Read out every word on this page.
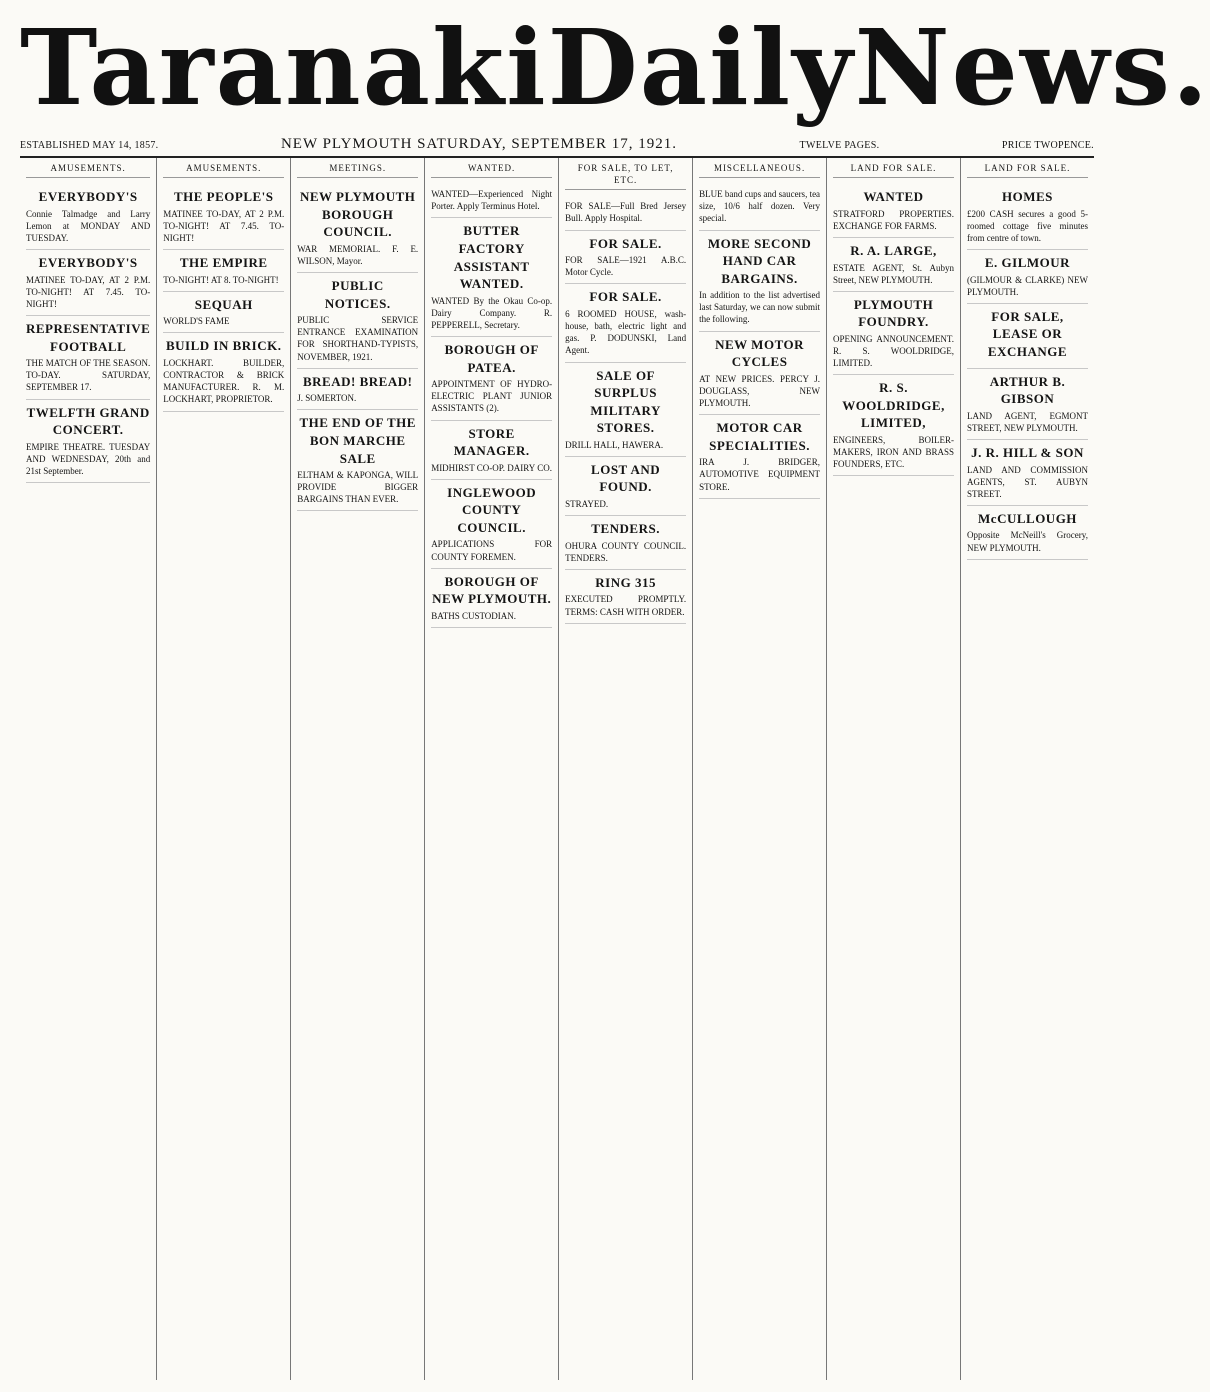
Taranaki Daily News.
ESTABLISHED MAY 14, 1857.	NEW PLYMOUTH SATURDAY, SEPTEMBER 17, 1921.	TWELVE PAGES.	PRICE TWOPENCE.
AMUSEMENTS.
EVERYBODY'S

Connie Talmadge and Larry Lemon at MONDAY AND TUESDAY.

EVERYBODY'S

MATINEE TO-DAY, AT 2 P.M. TO-NIGHT! AT 7.45. TO-NIGHT!

REPRESENTATIVE FOOTBALL

THE MATCH OF THE SEASON. TO-DAY. SATURDAY, SEPTEMBER 17.

TWELFTH GRAND CONCERT.

EMPIRE THEATRE. TUESDAY AND WEDNESDAY, 20th and 21st September.

AMUSEMENTS.
THE PEOPLE'S

MATINEE TO-DAY, AT 2 P.M. TO-NIGHT! AT 7.45. TO-NIGHT!

THE EMPIRE

TO-NIGHT! AT 8. TO-NIGHT!

SEQUAH

WORLD'S FAME

BUILD IN BRICK.

LOCKHART. BUILDER, CONTRACTOR & BRICK MANUFACTURER. R. M. LOCKHART, PROPRIETOR.

MEETINGS.
NEW PLYMOUTH BOROUGH COUNCIL.

WAR MEMORIAL. F. E. WILSON, Mayor.

PUBLIC NOTICES.

PUBLIC SERVICE ENTRANCE EXAMINATION FOR SHORTHAND-TYPISTS, NOVEMBER, 1921.

BREAD! BREAD!

J. SOMERTON.

THE END OF THE BON MARCHE SALE

ELTHAM & KAPONGA, WILL PROVIDE BIGGER BARGAINS THAN EVER.

WANTED.

WANTED—Experienced Night Porter. Apply Terminus Hotel.

BUTTER FACTORY ASSISTANT WANTED.

WANTED By the Okau Co-op. Dairy Company. R. PEPPERELL, Secretary.

BOROUGH OF PATEA.

APPOINTMENT OF HYDRO-ELECTRIC PLANT JUNIOR ASSISTANTS (2).

STORE MANAGER.

MIDHIRST CO-OP. DAIRY CO.

INGLEWOOD COUNTY COUNCIL.

APPLICATIONS FOR COUNTY FOREMEN.

BOROUGH OF NEW PLYMOUTH.

BATHS CUSTODIAN.

FOR SALE, TO LET, ETC.

FOR SALE—Full Bred Jersey Bull. Apply Hospital.

FOR SALE.

FOR SALE—1921 A.B.C. Motor Cycle.

FOR SALE.

6 ROOMED HOUSE, wash-house, bath, electric light and gas. P. DODUNSKI, Land Agent.

SALE OF SURPLUS MILITARY STORES.

DRILL HALL, HAWERA.

LOST AND FOUND.

STRAYED.

TENDERS.

OHURA COUNTY COUNCIL. TENDERS.

RING 315

EXECUTED PROMPTLY. TERMS: CASH WITH ORDER.

MISCELLANEOUS.

BLUE band cups and saucers, tea size, 10/6 half dozen. Very special.

MORE SECOND HAND CAR BARGAINS.

In addition to the list advertised last Saturday, we can now submit the following.

NEW MOTOR CYCLES

AT NEW PRICES. PERCY J. DOUGLASS, NEW PLYMOUTH.

MOTOR CAR SPECIALITIES.

IRA J. BRIDGER, AUTOMOTIVE EQUIPMENT STORE.

LAND FOR SALE.
WANTED

STRATFORD PROPERTIES. EXCHANGE FOR FARMS.

R. A. LARGE,

ESTATE AGENT, St. Aubyn Street, NEW PLYMOUTH.

PLYMOUTH FOUNDRY.

OPENING ANNOUNCEMENT. R. S. WOOLDRIDGE, LIMITED.

R. S. WOOLDRIDGE, LIMITED,

ENGINEERS, BOILER-MAKERS, IRON AND BRASS FOUNDERS, ETC.

LAND FOR SALE.
HOMES

£200 CASH secures a good 5-roomed cottage five minutes from centre of town.

E. GILMOUR

(GILMOUR & CLARKE) NEW PLYMOUTH.

FOR SALE, LEASE OR EXCHANGE
ARTHUR B. GIBSON

LAND AGENT, EGMONT STREET, NEW PLYMOUTH.

J. R. HILL & SON

LAND AND COMMISSION AGENTS, ST. AUBYN STREET.

McCULLOUGH

Opposite McNeill's Grocery, NEW PLYMOUTH.
